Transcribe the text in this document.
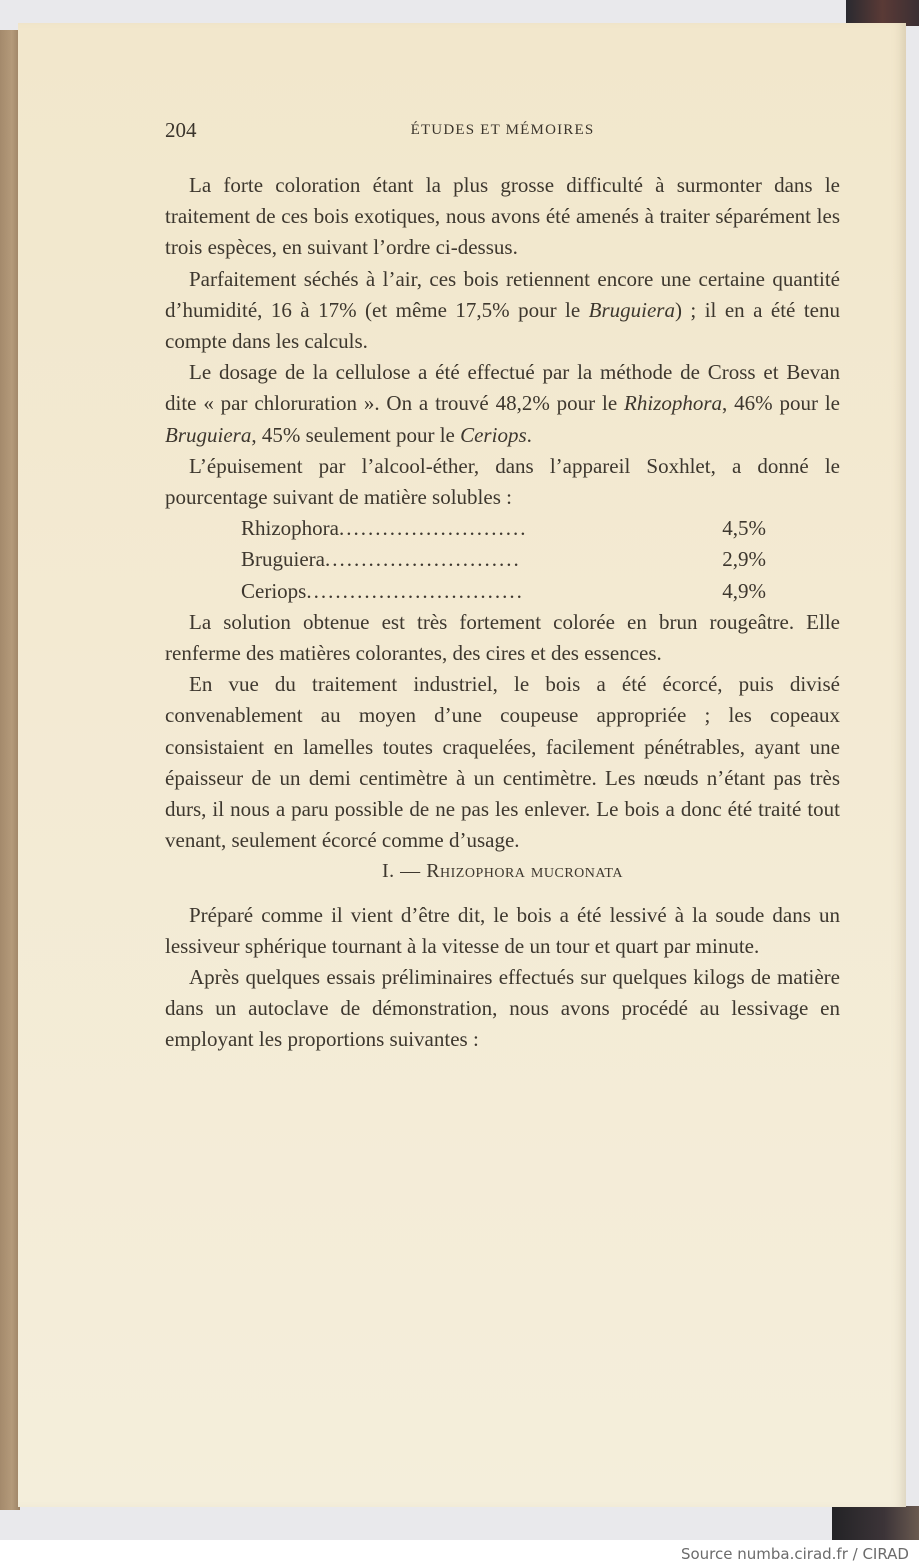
204	ÉTUDES ET MÉMOIRES

La forte coloration étant la plus grosse difficulté à surmonter dans le traitement de ces bois exotiques, nous avons été amenés à traiter séparément les trois espèces, en suivant l’ordre ci-dessus.

Parfaitement séchés à l’air, ces bois retiennent encore une certaine quantité d’humidité, 16 à 17% (et même 17,5% pour le Bruguiera) ; il en a été tenu compte dans les calculs.

Le dosage de la cellulose a été effectué par la méthode de Cross et Bevan dite « par chloruration ». On a trouvé 48,2% pour le Rhizophora, 46% pour le Bruguiera, 45% seulement pour le Ceriops.

L’épuisement par l’alcool-éther, dans l’appareil Soxhlet, a donné le pourcentage suivant de matière solubles :

Rhizophora ..........................	4,5%
Bruguiera ...........................	2,9%
Ceriops ..............................	4,9%

La solution obtenue est très fortement colorée en brun rougeâtre. Elle renferme des matières colorantes, des cires et des essences.

En vue du traitement industriel, le bois a été écorcé, puis divisé convenablement au moyen d’une coupeuse appropriée ; les copeaux consistaient en lamelles toutes craquelées, facilement pénétrables, ayant une épaisseur de un demi centimètre à un centimètre. Les nœuds n’étant pas très durs, il nous a paru possible de ne pas les enlever. Le bois a donc été traité tout venant, seulement écorcé comme d’usage.

I. — Rhizophora mucronata

Préparé comme il vient d’être dit, le bois a été lessivé à la soude dans un lessiveur sphérique tournant à la vitesse de un tour et quart par minute.

Après quelques essais préliminaires effectués sur quelques kilogs de matière dans un autoclave de démonstration, nous avons procédé au lessivage en employant les proportions suivantes :

Source numba.cirad.fr / CIRAD
